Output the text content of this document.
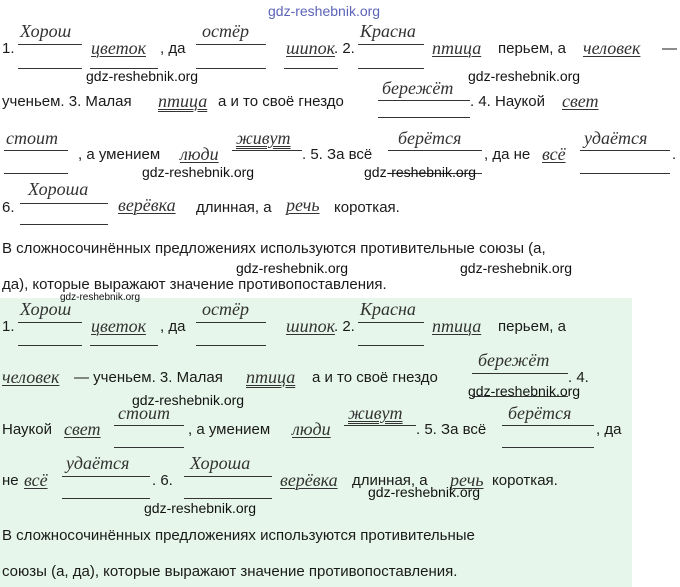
gdz-reshebnik.org
1.
Хорош
цветок , да
остёр
шипок
. 2.
Красна
птица перьем, а человек —
gdz-reshebnik.org	gdz-reshebnik.org
ученьем. 3. Малая птица а и то своё гнездо
бережёт
. 4. Наукой свет
стоит
, а умением люди
живут
. 5. За всё
берётся
, да не всё
удаётся
.
gdz-reshebnik.org	gdz-reshebnik.org
6.
Хороша
верёвка длинная, а речь короткая.
В сложносочинённых предложениях используются противительные союзы (а,
да), которые выражают значение противопоставления.
gdz-reshebnik.org	gdz-reshebnik.org
gdz-reshebnik.org
1.
Хорош
цветок , да
остёр
шипок
. 2.
Красна
птица перьем, а
человек — ученьем. 3. Малая птица а и то своё гнездо
бережёт
. 4.
gdz-reshebnik.org
gdz-reshebnik.org
Наукой свет
стоит
, а умением люди
живут
. 5. За всё
берётся
, да
не всё
удаётся
. 6.
Хороша
верёвка длинная, а речь короткая.
gdz-reshebnik.org
gdz-reshebnik.org
В сложносочинённых предложениях используются противительные
союзы (а, да), которые выражают значение противопоставления.
